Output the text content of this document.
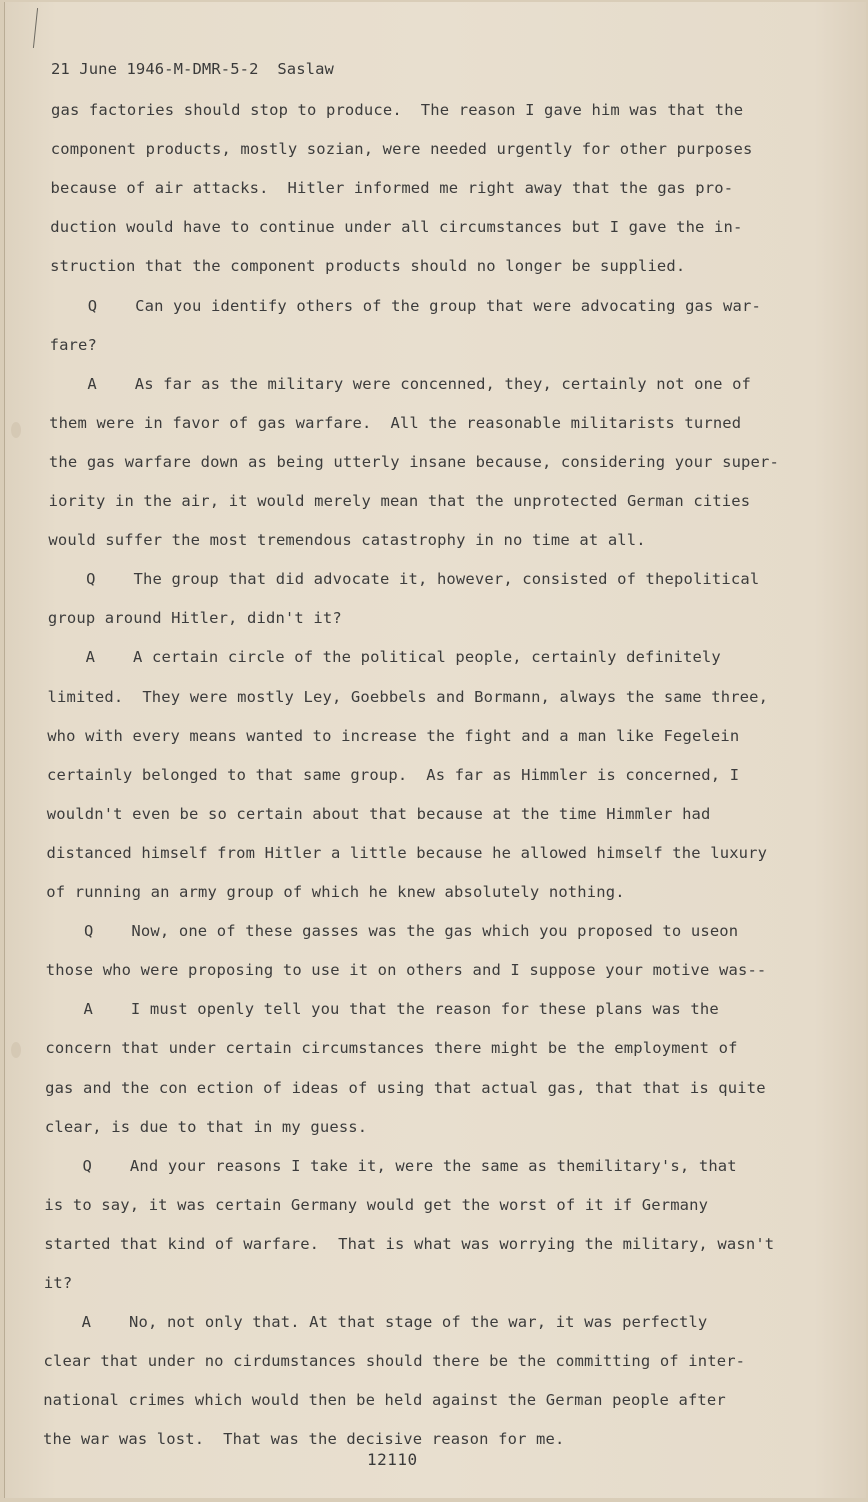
21 June 1946-M-DMR-5-2  Saslaw
gas factories should stop to produce.  The reason I gave him was that the
component products, mostly sozian, were needed urgently for other purposes
because of air attacks.  Hitler informed me right away that the gas pro-
duction would have to continue under all circumstances but I gave the in-
struction that the component products should no longer be supplied.
Q    Can you identify others of the group that were advocating gas war-
fare?
A    As far as the military were concenned, they, certainly not one of
them were in favor of gas warfare.  All the reasonable militarists turned
the gas warfare down as being utterly insane because, considering your super-
iority in the air, it would merely mean that the unprotected German cities
would suffer the most tremendous catastrophy in no time at all.
Q    The group that did advocate it, however, consisted of thepolitical
group around Hitler, didn't it?
A    A certain circle of the political people, certainly definitely
limited.  They were mostly Ley, Goebbels and Bormann, always the same three,
who with every means wanted to increase the fight and a man like Fegelein
certainly belonged to that same group.  As far as Himmler is concerned, I
wouldn't even be so certain about that because at the time Himmler had
distanced himself from Hitler a little because he allowed himself the luxury
of running an army group of which he knew absolutely nothing.
Q    Now, one of these gasses was the gas which you proposed to useon
those who were proposing to use it on others and I suppose your motive was--
A    I must openly tell you that the reason for these plans was the
concern that under certain circumstances there might be the employment of
gas and the con ection of ideas of using that actual gas, that that is quite
clear, is due to that in my guess.
Q    And your reasons I take it, were the same as themilitary's, that
is to say, it was certain Germany would get the worst of it if Germany
started that kind of warfare.  That is what was worrying the military, wasn't
it?
A    No, not only that. At that stage of the war, it was perfectly
clear that under no cirdumstances should there be the committing of inter-
national crimes which would then be held against the German people after
the war was lost.  That was the decisive reason for me.
12110
